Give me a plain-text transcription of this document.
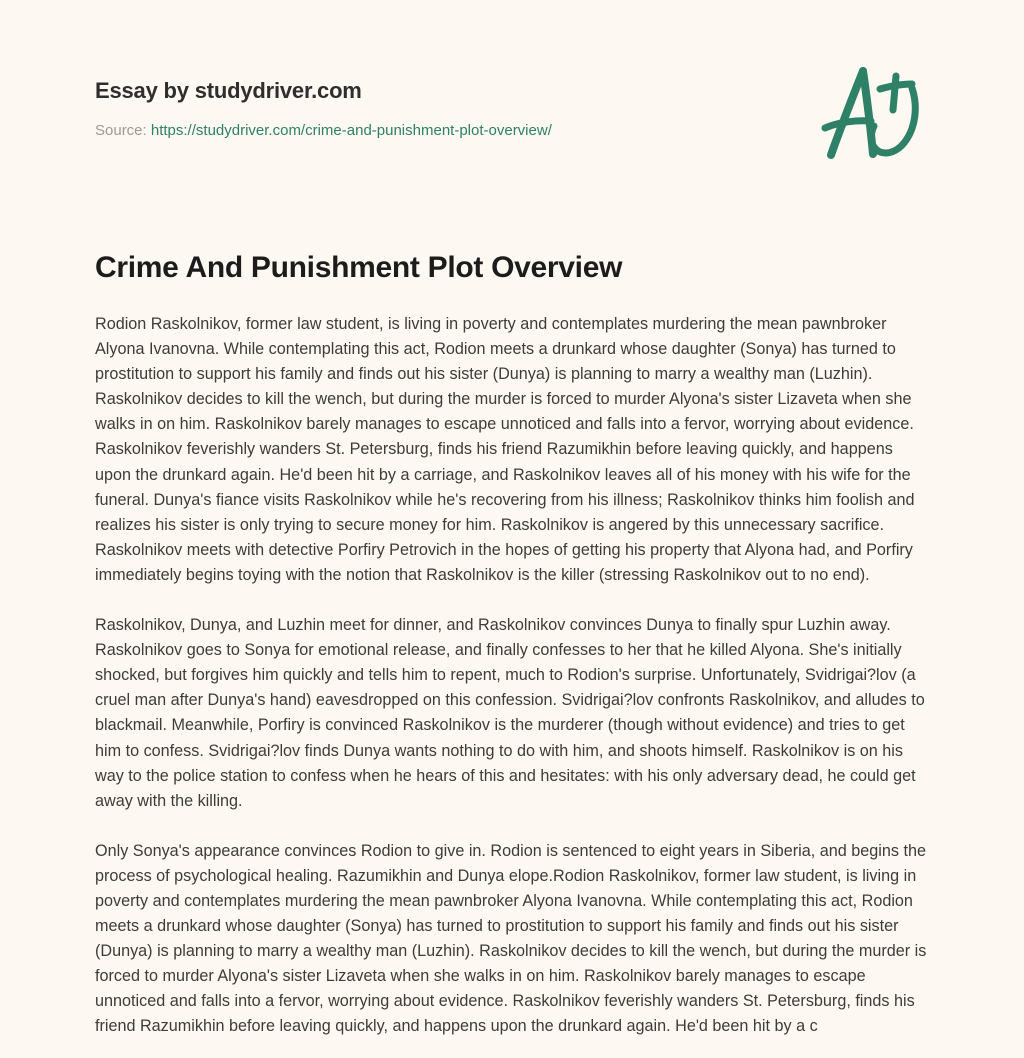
Essay by studydriver.com
Source: https://studydriver.com/crime-and-punishment-plot-overview/
Crime And Punishment Plot Overview

Rodion Raskolnikov, former law student, is living in poverty and contemplates murdering the mean pawnbroker Alyona Ivanovna. While contemplating this act, Rodion meets a drunkard whose daughter (Sonya) has turned to prostitution to support his family and finds out his sister (Dunya) is planning to marry a wealthy man (Luzhin). Raskolnikov decides to kill the wench, but during the murder is forced to murder Alyona's sister Lizaveta when she walks in on him. Raskolnikov barely manages to escape unnoticed and falls into a fervor, worrying about evidence. Raskolnikov feverishly wanders St. Petersburg, finds his friend Razumikhin before leaving quickly, and happens upon the drunkard again. He'd been hit by a carriage, and Raskolnikov leaves all of his money with his wife for the funeral. Dunya's fiance visits Raskolnikov while he's recovering from his illness; Raskolnikov thinks him foolish and realizes his sister is only trying to secure money for him. Raskolnikov is angered by this unnecessary sacrifice. Raskolnikov meets with detective Porfiry Petrovich in the hopes of getting his property that Alyona had, and Porfiry immediately begins toying with the notion that Raskolnikov is the killer (stressing Raskolnikov out to no end).

Raskolnikov, Dunya, and Luzhin meet for dinner, and Raskolnikov convinces Dunya to finally spur Luzhin away. Raskolnikov goes to Sonya for emotional release, and finally confesses to her that he killed Alyona. She's initially shocked, but forgives him quickly and tells him to repent, much to Rodion's surprise. Unfortunately, Svidrigai?lov (a cruel man after Dunya's hand) eavesdropped on this confession. Svidrigai?lov confronts Raskolnikov, and alludes to blackmail. Meanwhile, Porfiry is convinced Raskolnikov is the murderer (though without evidence) and tries to get him to confess. Svidrigai?lov finds Dunya wants nothing to do with him, and shoots himself. Raskolnikov is on his way to the police station to confess when he hears of this and hesitates: with his only adversary dead, he could get away with the killing.

Only Sonya's appearance convinces Rodion to give in. Rodion is sentenced to eight years in Siberia, and begins the process of psychological healing. Razumikhin and Dunya elope.Rodion Raskolnikov, former law student, is living in poverty and contemplates murdering the mean pawnbroker Alyona Ivanovna. While contemplating this act, Rodion meets a drunkard whose daughter (Sonya) has turned to prostitution to support his family and finds out his sister (Dunya) is planning to marry a wealthy man (Luzhin). Raskolnikov decides to kill the wench, but during the murder is forced to murder Alyona's sister Lizaveta when she walks in on him. Raskolnikov barely manages to escape unnoticed and falls into a fervor, worrying about evidence. Raskolnikov feverishly wanders St. Petersburg, finds his friend Razumikhin before leaving quickly, and happens upon the drunkard again. He'd been hit by a c
